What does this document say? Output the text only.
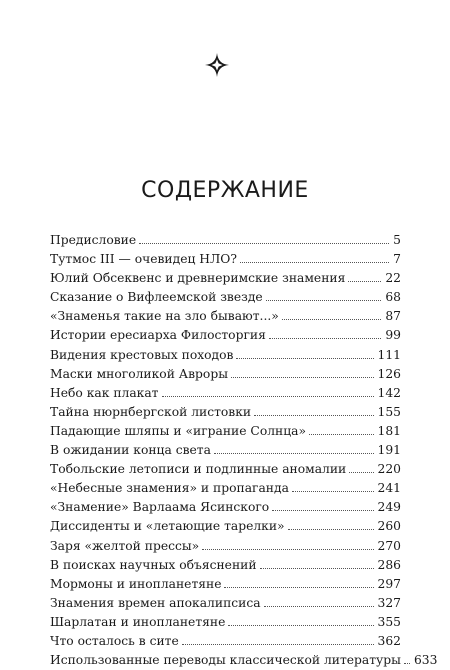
СОДЕРЖАНИЕ
Предисловие	5
Тутмос III — очевидец НЛО?	7
Юлий Обсеквенс и древнеримские знамения	22
Сказание о Вифлеемской звезде	68
«Знаменья такие на зло бывают...»	87
Истории ересиарха Филосторгия	99
Видения крестовых походов	111
Маски многоликой Авроры	126
Небо как плакат	142
Тайна нюрнбергской листовки	155
Падающие шляпы и «играние Солнца»	181
В ожидании конца света	191
Тобольские летописи и подлинные аномалии	220
«Небесные знамения» и пропаганда	241
«Знамение» Варлаама Ясинского	249
Диссиденты и «летающие тарелки»	260
Заря «желтой прессы»	270
В поисках научных объяснений	286
Мормоны и инопланетяне	297
Знамения времен апокалипсиса	327
Шарлатан и инопланетяне	355
Что осталось в сите	362
Использованные переводы классической литературы	633
